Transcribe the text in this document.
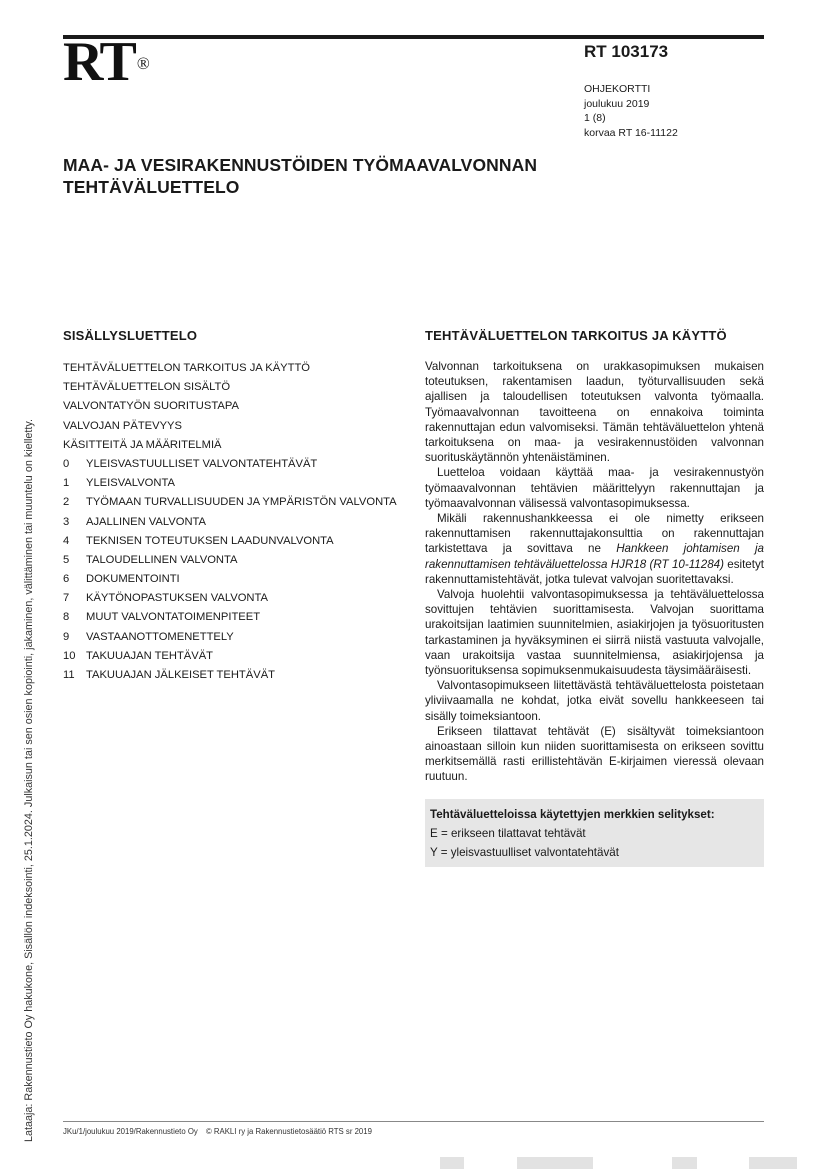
RT ®
RT 103173
OHJEKORTTI
joulukuu 2019
1 (8)
korvaa RT 16-11122
MAA- JA VESIRAKENNUSTÖIDEN TYÖMAAVALVONNAN
TEHTÄVÄLUETTELO
Lataaja: Rakennustieto Oy hakukone, Sisällön indeksointi, 25.1.2024. Julkaisun tai sen osien kopiointi, jakaminen, välittäminen tai muuntelu on kielletty.
SISÄLLYSLUETTELO
TEHTÄVÄLUETTELON TARKOITUS JA KÄYTTÖ
TEHTÄVÄLUETTELON SISÄLTÖ
VALVONTATYÖN SUORITUSTAPA
VALVOJAN PÄTEVYYS
KÄSITTEITÄ JA MÄÄRITELMIÄ
0 YLEISVASTUULLISET VALVONTATEHTÄVÄT
1 YLEISVALVONTA
2 TYÖMAAN TURVALLISUUDEN JA YMPÄRISTÖN VALVONTA
3 AJALLINEN VALVONTA
4 TEKNISEN TOTEUTUKSEN LAADUNVALVONTA
5 TALOUDELLINEN VALVONTA
6 DOKUMENTOINTI
7 KÄYTÖNOPASTUKSEN VALVONTA
8 MUUT VALVONTATOIMENPITEET
9 VASTAANOTTOMENETTELY
10 TAKUUAJAN TEHTÄVÄT
11 TAKUUAJAN JÄLKEISET TEHTÄVÄT
TEHTÄVÄLUETTELON TARKOITUS JA KÄYTTÖ

Valvonnan tarkoituksena on urakkasopimuksen mukaisen toteutuksen, rakentamisen laadun, työturvallisuuden sekä ajallisen ja taloudellisen toteutuksen valvonta työmaalla. Työmaavalvonnan tavoitteena on ennakoiva toiminta rakennuttajan edun valvomiseksi. Tämän tehtäväluettelon yhtenä tarkoituksena on maa- ja vesirakennustöiden valvonnan suorituskäytännön yhtenäistäminen.

Luetteloa voidaan käyttää maa- ja vesirakennustyön työmaavalvonnan tehtävien määrittelyyn rakennuttajan ja työmaavalvonnan välisessä valvontasopimuksessa.

Mikäli rakennushankkeessa ei ole nimetty erikseen rakennuttamisen rakennuttajakonsulttia on rakennuttajan tarkistettava ja sovittava ne Hankkeen johtamisen ja rakennuttamisen tehtäväluettelossa HJR18 (RT 10-11284) esitetyt rakennuttamistehtävät, jotka tulevat valvojan suoritettavaksi.

Valvoja huolehtii valvontasopimuksessa ja tehtäväluettelossa sovittujen tehtävien suorittamisesta. Valvojan suorittama urakoitsijan laatimien suunnitelmien, asiakirjojen ja työsuoritusten tarkastaminen ja hyväksyminen ei siirrä niistä vastuuta valvojalle, vaan urakoitsija vastaa suunnitelmiensa, asiakirjojensa ja työnsuorituksensa sopimuksenmukaisuudesta täysimääräisesti.

Valvontasopimukseen liitettävästä tehtäväluettelosta poistetaan yliviivaamalla ne kohdat, jotka eivät sovellu hankkeeseen tai sisälly toimeksiantoon.

Erikseen tilattavat tehtävät (E) sisältyvät toimeksiantoon ainoastaan silloin kun niiden suorittamisesta on erikseen sovittu merkitsemällä rasti erillistehtävän E-kirjaimen vieressä olevaan ruutuun.

Tehtäväluetteloissa käytettyjen merkkien selitykset:
E = erikseen tilattavat tehtävät
Y = yleisvastuulliset valvontatehtävät
JKu/1/joulukuu 2019/Rakennustieto Oy © RAKLI ry ja Rakennustietosäätiö RTS sr 2019
